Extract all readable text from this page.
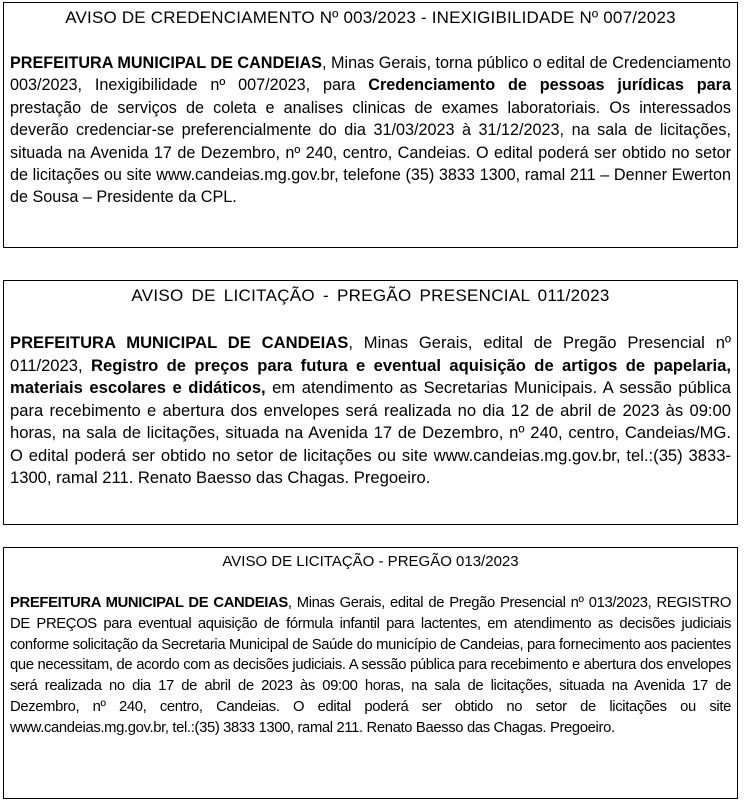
AVISO DE CREDENCIAMENTO Nº 003/2023 - INEXIGIBILIDADE Nº 007/2023

PREFEITURA MUNICIPAL DE CANDEIAS, Minas Gerais, torna público o edital de Credenciamento 003/2023, Inexigibilidade nº 007/2023, para Credenciamento de pessoas jurídicas para prestação de serviços de coleta e analises clinicas de exames laboratoriais. Os interessados deverão credenciar-se preferencialmente do dia 31/03/2023 à 31/12/2023, na sala de licitações, situada na Avenida 17 de Dezembro, nº 240, centro, Candeias. O edital poderá ser obtido no setor de licitações ou site www.candeias.mg.gov.br, telefone (35) 3833 1300, ramal 211 – Denner Ewerton de Sousa – Presidente da CPL.

AVISO DE LICITAÇÃO - PREGÃO PRESENCIAL 011/2023

PREFEITURA MUNICIPAL DE CANDEIAS, Minas Gerais, edital de Pregão Presencial nº 011/2023, Registro de preços para futura e eventual aquisição de artigos de papelaria, materiais escolares e didáticos, em atendimento as Secretarias Municipais. A sessão pública para recebimento e abertura dos envelopes será realizada no dia 12 de abril de 2023 às 09:00 horas, na sala de licitações, situada na Avenida 17 de Dezembro, nº 240, centro, Candeias/MG. O edital poderá ser obtido no setor de licitações ou site www.candeias.mg.gov.br, tel.:(35) 3833-1300, ramal 211. Renato Baesso das Chagas. Pregoeiro.

AVISO DE LICITAÇÃO - PREGÃO 013/2023

PREFEITURA MUNICIPAL DE CANDEIAS, Minas Gerais, edital de Pregão Presencial nº 013/2023, REGISTRO DE PREÇOS para eventual aquisição de fórmula infantil para lactentes, em atendimento as decisões judiciais conforme solicitação da Secretaria Municipal de Saúde do município de Candeias, para fornecimento aos pacientes que necessitam, de acordo com as decisões judiciais. A sessão pública para recebimento e abertura dos envelopes será realizada no dia 17 de abril de 2023 às 09:00 horas, na sala de licitações, situada na Avenida 17 de Dezembro, nº 240, centro, Candeias. O edital poderá ser obtido no setor de licitações ou site www.candeias.mg.gov.br, tel.:(35) 3833 1300, ramal 211. Renato Baesso das Chagas. Pregoeiro.
